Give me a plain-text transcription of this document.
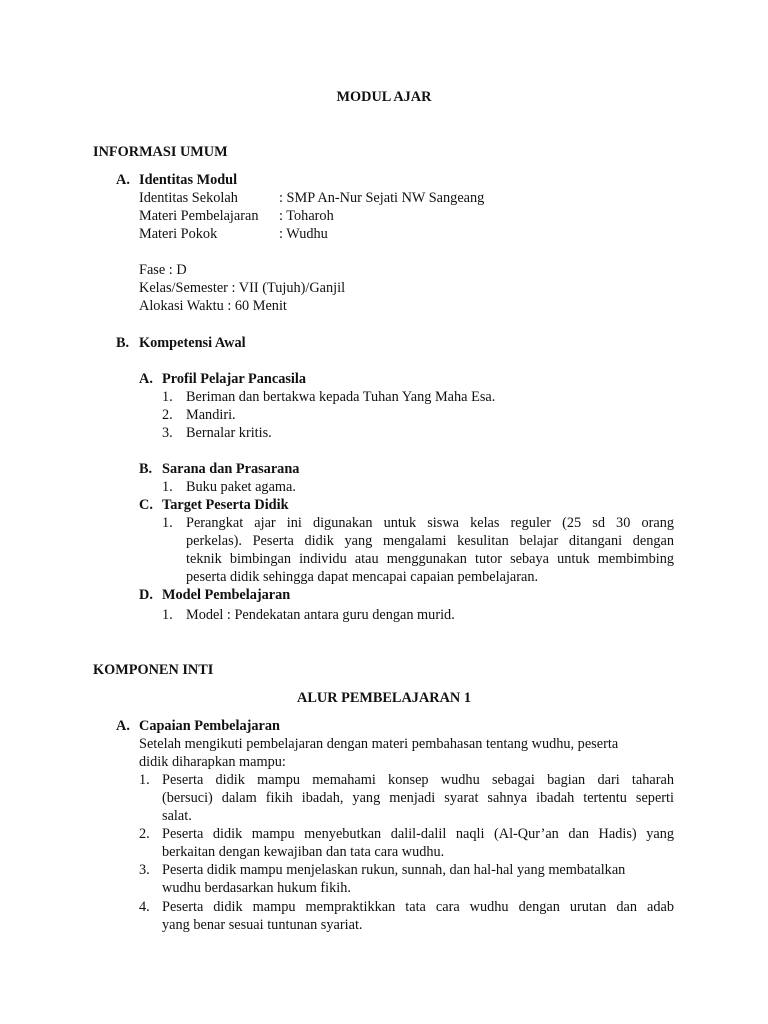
MODUL AJAR
INFORMASI UMUM
A. Identitas Modul
Identitas Sekolah	: SMP An-Nur Sejati NW Sangeang
Materi Pembelajaran : Toharoh
Materi Pokok	: Wudhu
Fase : D
Kelas/Semester : VII (Tujuh)/Ganjil
Alokasi Waktu : 60 Menit
B. Kompetensi Awal
A. Profil Pelajar Pancasila
1. Beriman dan bertakwa kepada Tuhan Yang Maha Esa.
2. Mandiri.
3. Bernalar kritis.
B. Sarana dan Prasarana
1. Buku paket agama.
C. Target Peserta Didik
1. Perangkat ajar ini digunakan untuk siswa kelas reguler (25 sd 30 orang
perkelas). Peserta didik yang mengalami kesulitan belajar ditangani dengan
teknik bimbingan individu atau menggunakan tutor sebaya untuk membimbing
peserta didik sehingga dapat mencapai capaian pembelajaran.
D. Model Pembelajaran
1. Model : Pendekatan antara guru dengan murid.
KOMPONEN INTI
ALUR PEMBELAJARAN 1
A. Capaian Pembelajaran
Setelah mengikuti pembelajaran dengan materi pembahasan tentang wudhu, peserta
didik diharapkan mampu:
1. Peserta didik mampu memahami konsep wudhu sebagai bagian dari taharah
(bersuci) dalam fikih ibadah, yang menjadi syarat sahnya ibadah tertentu seperti
salat.
2. Peserta didik mampu menyebutkan dalil-dalil naqli (Al-Qur’an dan Hadis) yang
berkaitan dengan kewajiban dan tata cara wudhu.
3. Peserta didik mampu menjelaskan rukun, sunnah, dan hal-hal yang membatalkan
wudhu berdasarkan hukum fikih.
4. Peserta didik mampu mempraktikkan tata cara wudhu dengan urutan dan adab
yang benar sesuai tuntunan syariat.
